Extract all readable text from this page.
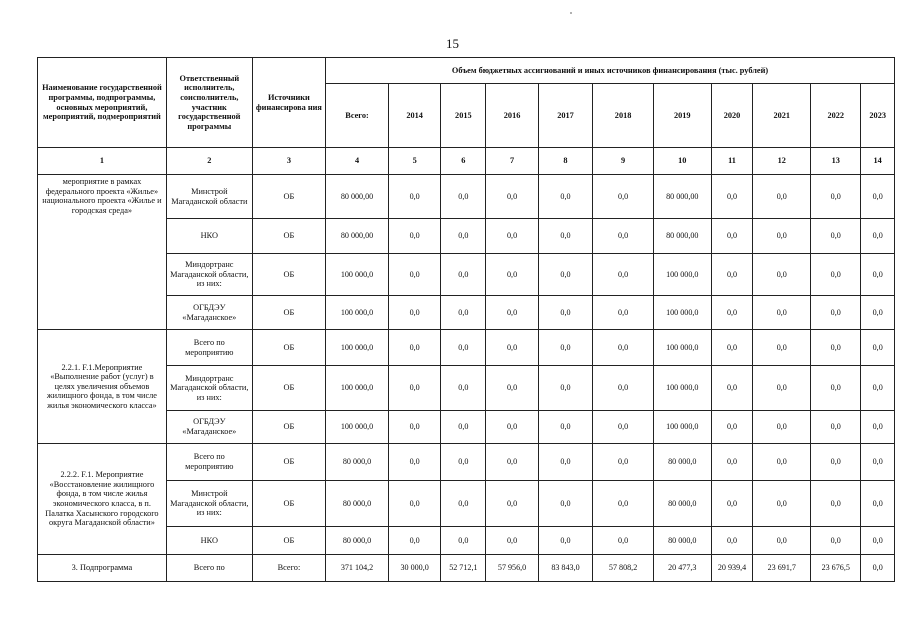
15
Наименование государственной программы, подпрограммы, основных мероприятий, мероприятий, подмероприятий	Ответственный исполнитель, соисполнитель, участник государственной программы	Источники финансирова ния	Объем бюджетных ассигнований и иных источников финансирования (тыс. рублей)										
			Всего:	2014	2015	2016	2017	2018	2019	2020	2021	2022	2023
1	2	3	4	5	6	7	8	9	10	11	12	13	14
мероприятие в рамках федерального проекта «Жилье» национального проекта «Жилье и городская среда»	Минстрой Магаданской области	ОБ	80 000,00	0,0	0,0	0,0	0,0	0,0	80 000,00	0,0	0,0	0,0	0,0
	НКО	ОБ	80 000,00	0,0	0,0	0,0	0,0	0,0	80 000,00	0,0	0,0	0,0	0,0
	Миндортранс Магаданской области, из них:	ОБ	100 000,0	0,0	0,0	0,0	0,0	0,0	100 000,0	0,0	0,0	0,0	0,0
	ОГБДЭУ «Магаданское»	ОБ	100 000,0	0,0	0,0	0,0	0,0	0,0	100 000,0	0,0	0,0	0,0	0,0
2.2.1. F.1.Мероприятие «Выполнение работ (услуг) в целях увеличения объемов жилищного фонда, в том числе жилья экономического класса»	Всего по мероприятию	ОБ	100 000,0	0,0	0,0	0,0	0,0	0,0	100 000,0	0,0	0,0	0,0	0,0
	Миндортранс Магаданской области, из них:	ОБ	100 000,0	0,0	0,0	0,0	0,0	0,0	100 000,0	0,0	0,0	0,0	0,0
	ОГБДЭУ «Магаданское»	ОБ	100 000,0	0,0	0,0	0,0	0,0	0,0	100 000,0	0,0	0,0	0,0	0,0
2.2.2. F.1. Мероприятие «Восстановление жилищного фонда, в том числе жилья экономического класса, в п. Палатка Хасынского городского округа Магаданской области»	Всего по мероприятию	ОБ	80 000,0	0,0	0,0	0,0	0,0	0,0	80 000,0	0,0	0,0	0,0	0,0
	Минстрой Магаданской области, из них:	ОБ	80 000,0	0,0	0,0	0,0	0,0	0,0	80 000,0	0,0	0,0	0,0	0,0
	НКО	ОБ	80 000,0	0,0	0,0	0,0	0,0	0,0	80 000,0	0,0	0,0	0,0	0,0
3. Подпрограмма	Всего по	Всего:	371 104,2	30 000,0	52 712,1	57 956,0	83 843,0	57 808,2	20 477,3	20 939,4	23 691,7	23 676,5	0,0
